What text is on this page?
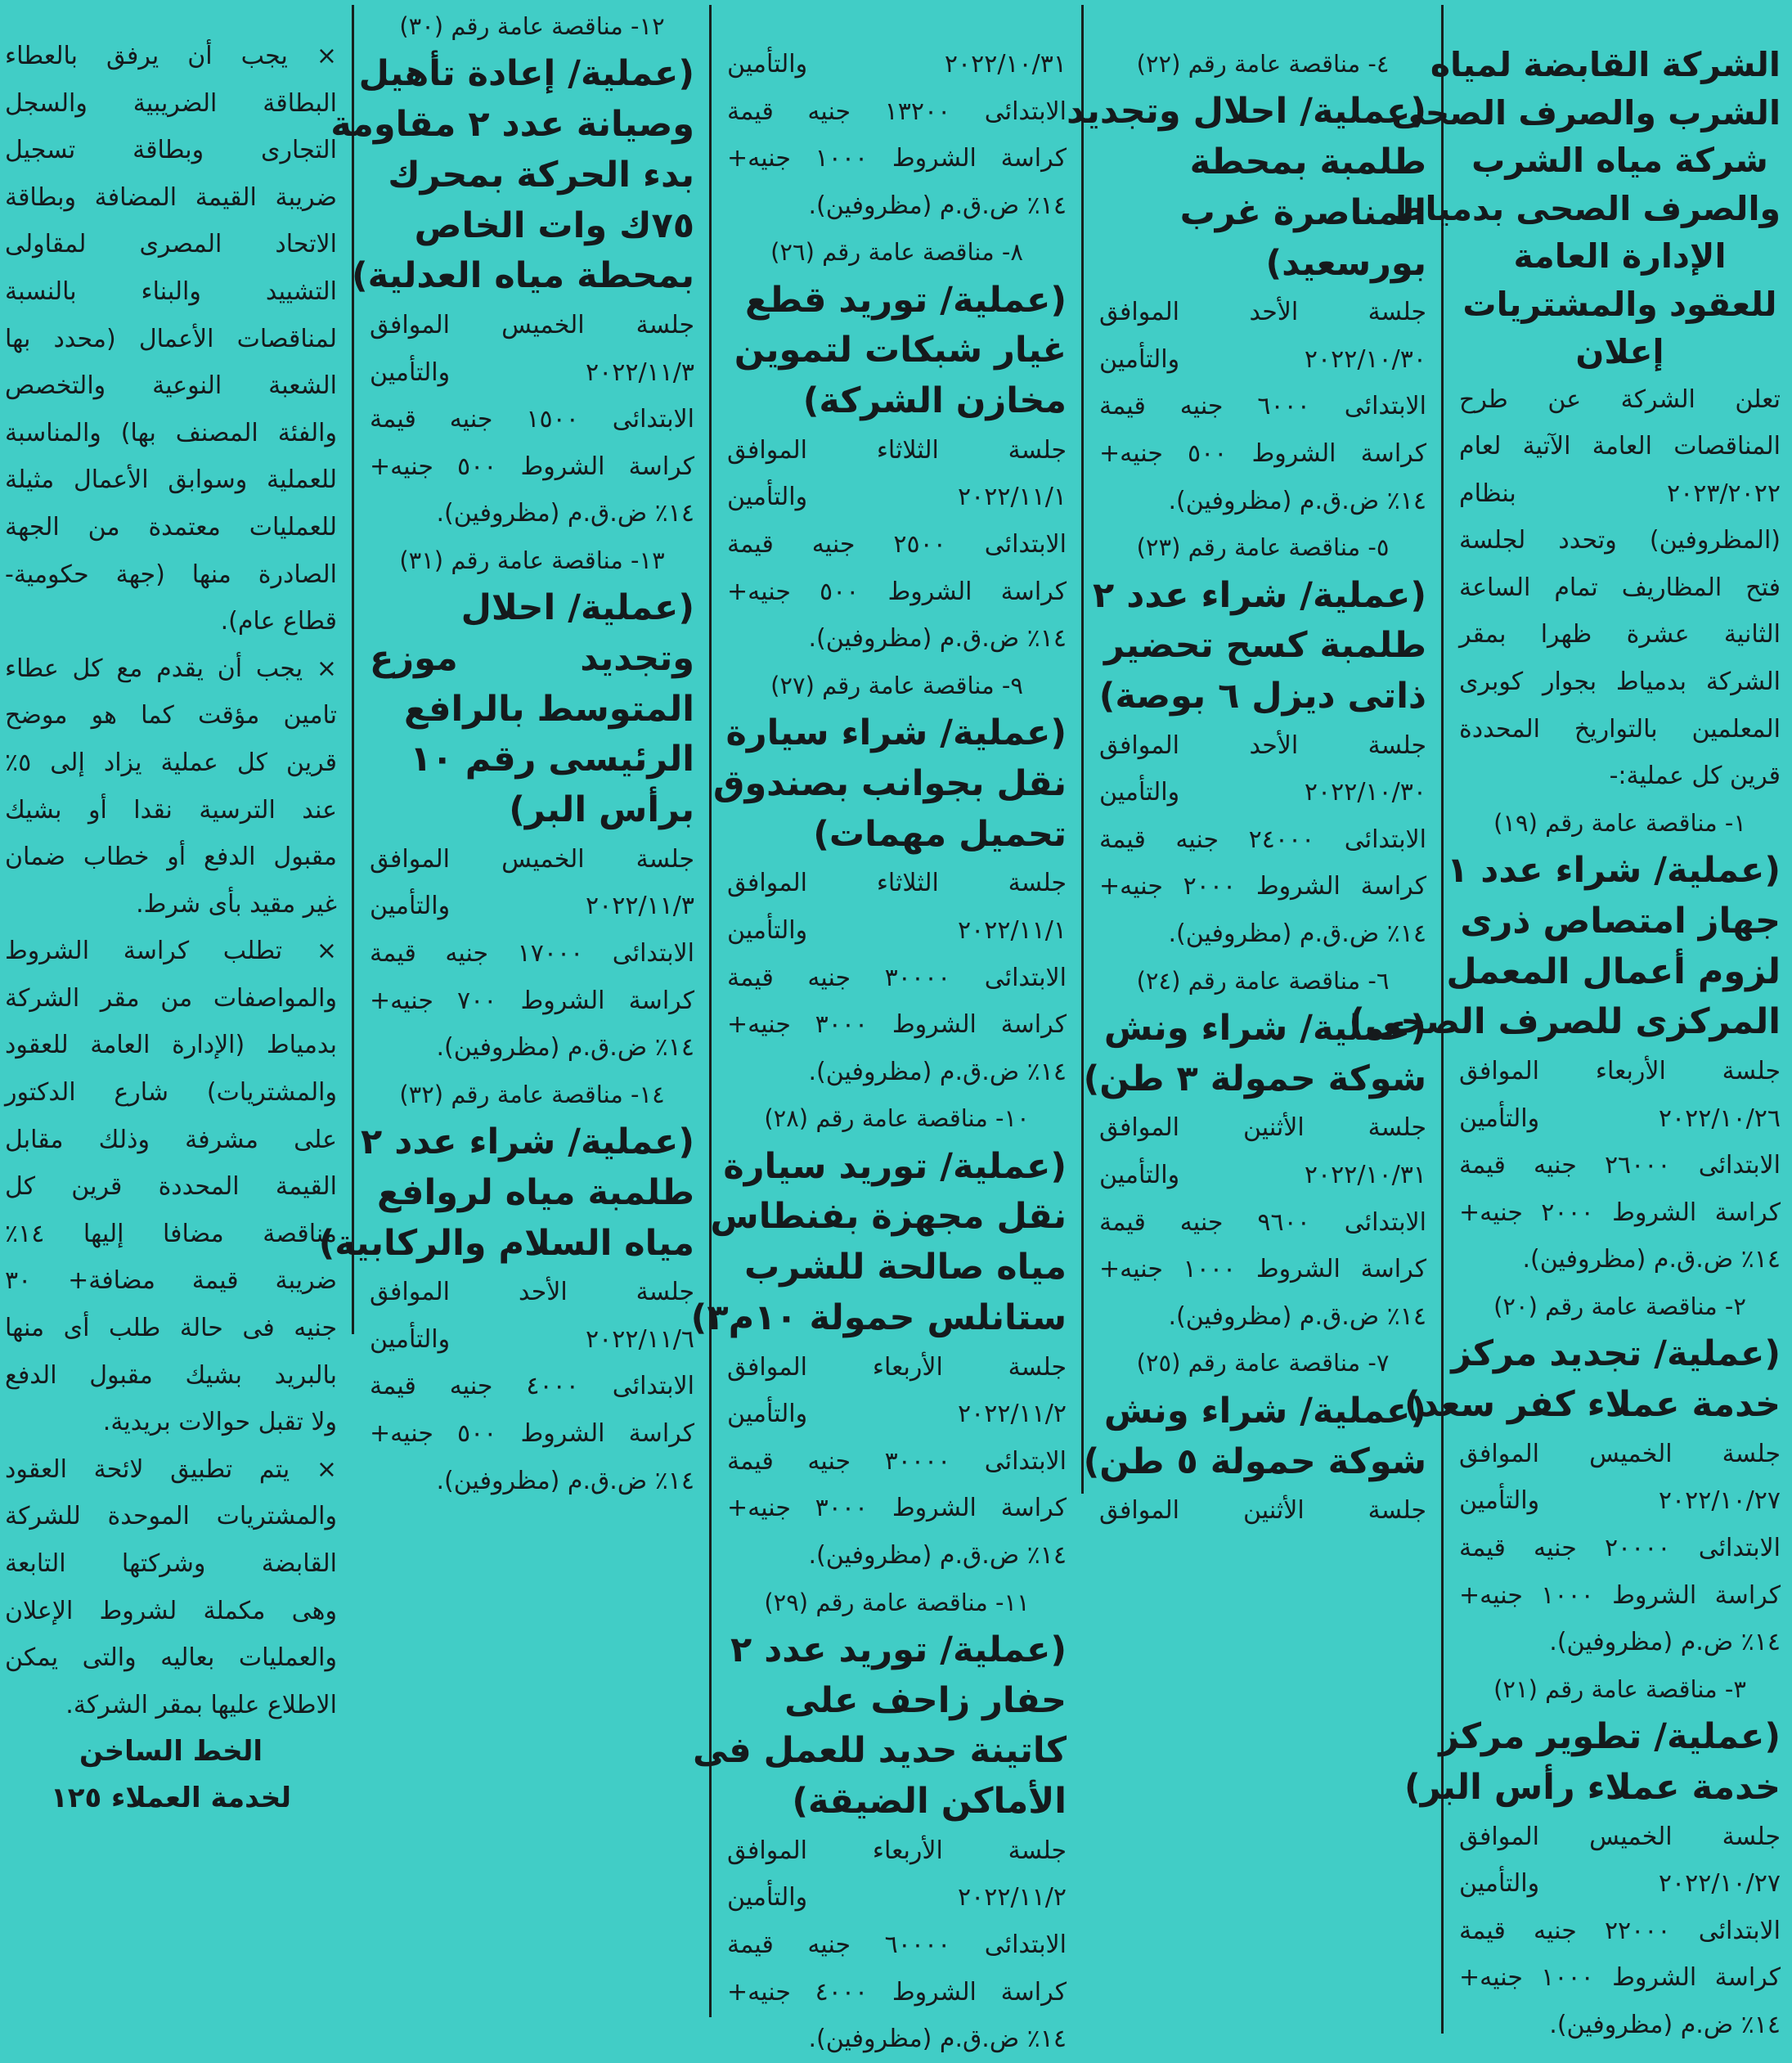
الشركة القابضة لمياه
الشرب والصرف الصحى
شركة مياه الشرب
والصرف الصحى بدمياط
الإدارة العامة
للعقود والمشتريات
إعلان
تعلن الشركة عن طرح
المناقصات العامة الآتية لعام
٢٠٢٣/٢٠٢٢ بنظام
(المظروفين) وتحدد لجلسة
فتح المظاريف تمام الساعة
الثانية عشرة ظهرا بمقر
الشركة بدمياط بجوار كوبرى
المعلمين بالتواريخ المحددة
قرين كل عملية:-
١- مناقصة عامة رقم (١٩)
(عملية/ شراء عدد ١
جهاز امتصاص ذرى
لزوم أعمال المعمل
المركزى للصرف الصحى)
جلسة الأربعاء الموافق
٢٠٢٢/١٠/٢٦ والتأمين
الابتدائى ٢٦٠٠٠ جنيه قيمة
كراسة الشروط ٢٠٠٠ جنيه+
١٤٪ ض.ق.م (مظروفين).
٢- مناقصة عامة رقم (٢٠)
(عملية/ تجديد مركز
خدمة عملاء كفر سعد)
جلسة الخميس الموافق
٢٠٢٢/١٠/٢٧ والتأمين
الابتدائى ٢٠٠٠٠ جنيه قيمة
كراسة الشروط ١٠٠٠ جنيه+
١٤٪ ض.م (مظروفين).
٣- مناقصة عامة رقم (٢١)
(عملية/ تطوير مركز
خدمة عملاء رأس البر)
جلسة الخميس الموافق
٢٠٢٢/١٠/٢٧ والتأمين
الابتدائى ٢٢٠٠٠ جنيه قيمة
كراسة الشروط ١٠٠٠ جنيه+
١٤٪ ض.م (مظروفين).
٤- مناقصة عامة رقم (٢٢)
(عملية/ احلال وتجديد
طلمبة بمحطة
المناصرة غرب
بورسعيد)
جلسة الأحد الموافق
٢٠٢٢/١٠/٣٠ والتأمين
الابتدائى ٦٠٠٠ جنيه قيمة
كراسة الشروط ٥٠٠ جنيه+
١٤٪ ض.ق.م (مظروفين).
٥- مناقصة عامة رقم (٢٣)
(عملية/ شراء عدد ٢
طلمبة كسح تحضير
ذاتى ديزل ٦ بوصة)
جلسة الأحد الموافق
٢٠٢٢/١٠/٣٠ والتأمين
الابتدائى ٢٤٠٠٠ جنيه قيمة
كراسة الشروط ٢٠٠٠ جنيه+
١٤٪ ض.ق.م (مظروفين).
٦- مناقصة عامة رقم (٢٤)
(عملية/ شراء ونش
شوكة حمولة ٣ طن)
جلسة الأثنين الموافق
٢٠٢٢/١٠/٣١ والتأمين
الابتدائى ٩٦٠٠ جنيه قيمة
كراسة الشروط ١٠٠٠ جنيه+
١٤٪ ض.ق.م (مظروفين).
٧- مناقصة عامة رقم (٢٥)
(عملية/ شراء ونش
شوكة حمولة ٥ طن)
جلسة الأثنين الموافق
٢٠٢٢/١٠/٣١ والتأمين
الابتدائى ١٣٢٠٠ جنيه قيمة
كراسة الشروط ١٠٠٠ جنيه+
١٤٪ ض.ق.م (مظروفين).
٨- مناقصة عامة رقم (٢٦)
(عملية/ توريد قطع
غيار شبكات لتموين
مخازن الشركة)
جلسة الثلاثاء الموافق
٢٠٢٢/١١/١ والتأمين
الابتدائى ٢٥٠٠ جنيه قيمة
كراسة الشروط ٥٠٠ جنيه+
١٤٪ ض.ق.م (مظروفين).
٩- مناقصة عامة رقم (٢٧)
(عملية/ شراء سيارة
نقل بجوانب بصندوق
تحميل مهمات)
جلسة الثلاثاء الموافق
٢٠٢٢/١١/١ والتأمين
الابتدائى ٣٠٠٠٠ جنيه قيمة
كراسة الشروط ٣٠٠٠ جنيه+
١٤٪ ض.ق.م (مظروفين).
١٠- مناقصة عامة رقم (٢٨)
(عملية/ توريد سيارة
نقل مجهزة بفنطاس
مياه صالحة للشرب
ستانلس حمولة ١٠م٣)
جلسة الأربعاء الموافق
٢٠٢٢/١١/٢ والتأمين
الابتدائى ٣٠٠٠٠ جنيه قيمة
كراسة الشروط ٣٠٠٠ جنيه+
١٤٪ ض.ق.م (مظروفين).
١١- مناقصة عامة رقم (٢٩)
(عملية/ توريد عدد ٢
حفار زاحف على
كاتينة حديد للعمل فى
الأماكن الضيقة)
جلسة الأربعاء الموافق
٢٠٢٢/١١/٢ والتأمين
الابتدائى ٦٠٠٠٠ جنيه قيمة
كراسة الشروط ٤٠٠٠ جنيه+
١٤٪ ض.ق.م (مظروفين).
١٢- مناقصة عامة رقم (٣٠)
(عملية/ إعادة تأهيل
وصيانة عدد ٢ مقاومة
بدء الحركة بمحرك
٧٥ك وات الخاص
بمحطة مياه العدلية)
جلسة الخميس الموافق
٢٠٢٢/١١/٣ والتأمين
الابتدائى ١٥٠٠ جنيه قيمة
كراسة الشروط ٥٠٠ جنيه+
١٤٪ ض.ق.م (مظروفين).
١٣- مناقصة عامة رقم (٣١)
(عملية/ احلال
وتجديد موزع
المتوسط بالرافع
الرئيسى رقم ١٠
برأس البر)
جلسة الخميس الموافق
٢٠٢٢/١١/٣ والتأمين
الابتدائى ١٧٠٠٠ جنيه قيمة
كراسة الشروط ٧٠٠ جنيه+
١٤٪ ض.ق.م (مظروفين).
١٤- مناقصة عامة رقم (٣٢)
(عملية/ شراء عدد ٢
طلمبة مياه لروافع
مياه السلام والركابية)
جلسة الأحد الموافق
٢٠٢٢/١١/٦ والتأمين
الابتدائى ٤٠٠٠ جنيه قيمة
كراسة الشروط ٥٠٠ جنيه+
١٤٪ ض.ق.م (مظروفين).
× يجب أن يرفق بالعطاء
البطاقة الضريبية والسجل
التجارى وبطاقة تسجيل
ضريبة القيمة المضافة وبطاقة
الاتحاد المصرى لمقاولى
التشييد والبناء بالنسبة
لمناقصات الأعمال (محدد بها
الشعبة النوعية والتخصص
والفئة المصنف بها) والمناسبة
للعملية وسوابق الأعمال مثيلة
للعمليات معتمدة من الجهة
الصادرة منها (جهة حكومية-
قطاع عام).
× يجب أن يقدم مع كل عطاء
تامين مؤقت كما هو موضح
قرين كل عملية يزاد إلى ٥٪
عند الترسية نقدا أو بشيك
مقبول الدفع أو خطاب ضمان
غير مقيد بأى شرط.
× تطلب كراسة الشروط
والمواصفات من مقر الشركة
بدمياط (الإدارة العامة للعقود
والمشتريات) شارع الدكتور
على مشرفة وذلك مقابل
القيمة المحددة قرين كل
مناقصة مضافا إليها ١٤٪
ضريبة قيمة مضافة+ ٣٠
جنيه فى حالة طلب أى منها
بالبريد بشيك مقبول الدفع
ولا تقبل حوالات بريدية.
× يتم تطبيق لائحة العقود
والمشتريات الموحدة للشركة
القابضة وشركتها التابعة
وهى مكملة لشروط الإعلان
والعمليات بعاليه والتى يمكن
الاطلاع عليها بمقر الشركة.
الخط الساخن
لخدمة العملاء ١٢٥
